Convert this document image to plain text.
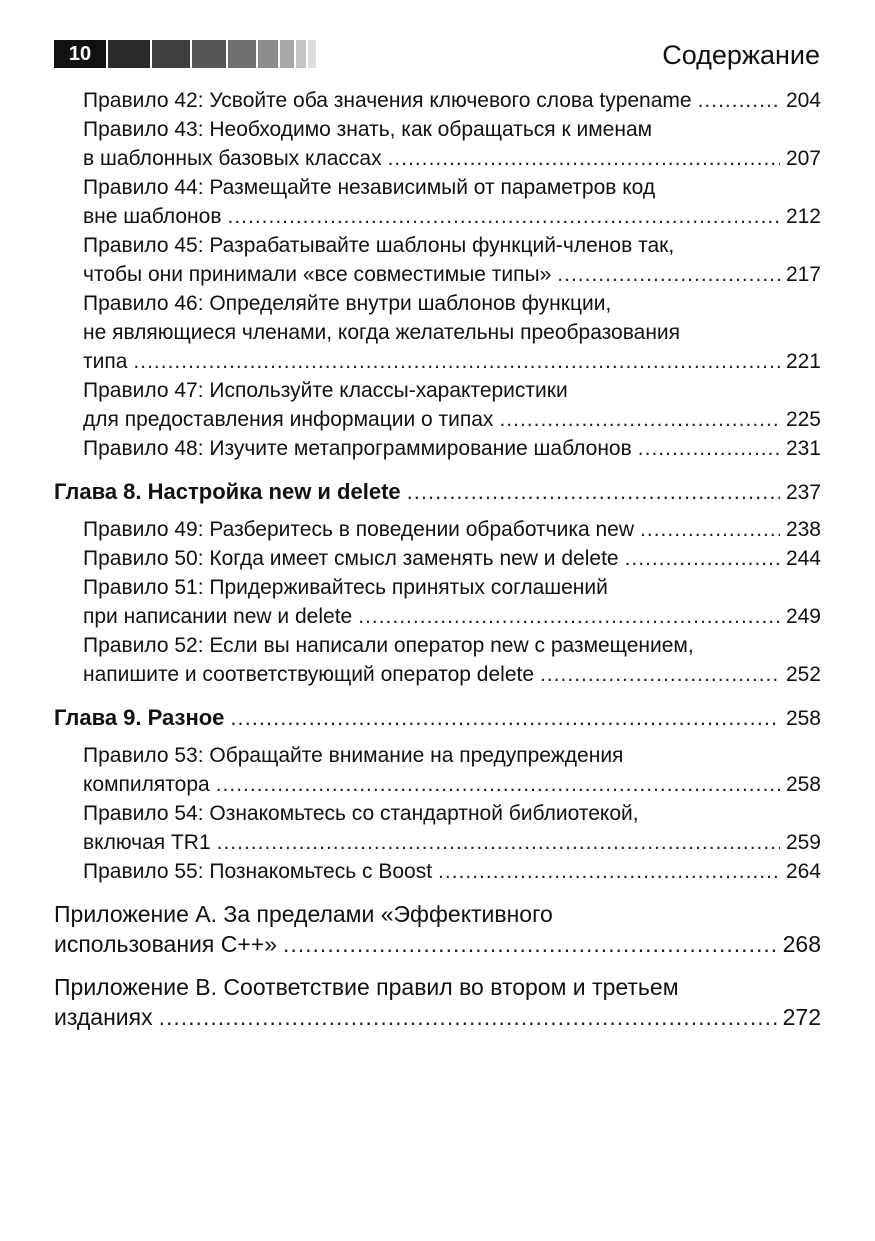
10	Содержание
Правило 42: Усвойте оба значения ключевого слова typename .....	204
Правило 43: Необходимо знать, как обращаться к именам
в шаблонных базовых классах .....	207
Правило 44: Размещайте независимый от параметров код
вне шаблонов .....	212
Правило 45: Разрабатывайте шаблоны функций-членов так,
чтобы они принимали «все совместимые типы» .....	217
Правило 46: Определяйте внутри шаблонов функции,
не являющиеся членами, когда желательны преобразования
типа .....	221
Правило 47: Используйте классы-характеристики
для предоставления информации о типах .....	225
Правило 48: Изучите метапрограммирование шаблонов .....	231
Глава 8. Настройка new и delete .....	237
Правило 49: Разберитесь в поведении обработчика new .....	238
Правило 50: Когда имеет смысл заменять new и delete .....	244
Правило 51: Придерживайтесь принятых соглашений
при написании new и delete .....	249
Правило 52: Если вы написали оператор new с размещением,
напишите и соответствующий оператор delete .....	252
Глава 9. Разное .....	258
Правило 53: Обращайте внимание на предупреждения
компилятора .....	258
Правило 54: Ознакомьтесь со стандартной библиотекой,
включая TR1 .....	259
Правило 55: Познакомьтесь с Boost .....	264
Приложение А. За пределами «Эффективного
использования С++» .....	268
Приложение В. Соответствие правил во втором и третьем
изданиях .....	272
